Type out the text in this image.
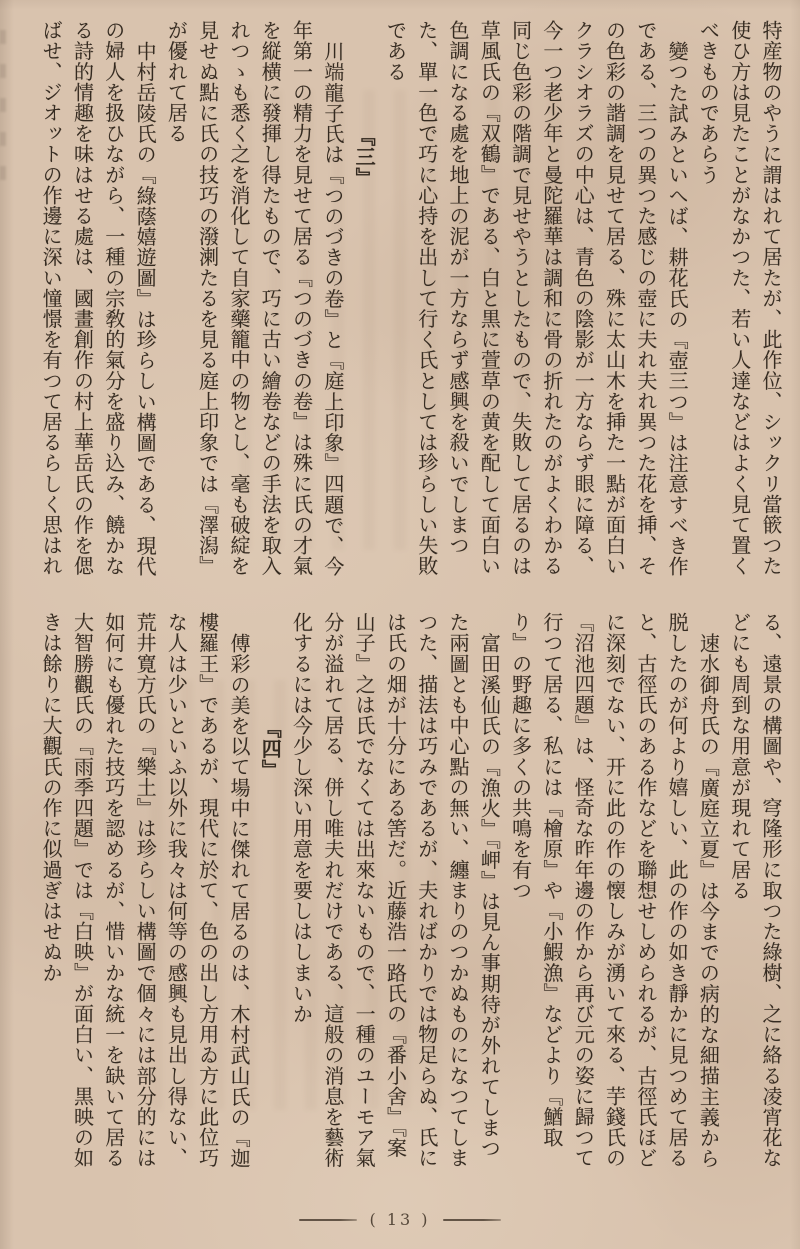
特産物のやうに謂はれて居たが、此作位、シックリ當篏つた使ひ方は見たことがなかつた、若い人達などはよく見て置くべきものであらう

變つた試みといへば、耕花氏の『壺三つ』は注意すべき作である、三つの異つた感じの壺に夫れ夫れ異つた花を挿、その色彩の諧調を見せて居る、殊に太山木を挿た一點が面白いクラシオラズの中心は、青色の陰影が一方ならず眼に障る、今一つ老少年と曼陀羅華は調和に骨の折れたのがよくわかる同じ色彩の階調で見せやうとしたもので、失敗して居るのは草風氏の『双鶴』である、白と黒に萱草の黄を配して面白い色調になる處を地上の泥が一方ならず感興を殺いでしまつた、單一色で巧に心持を出して行く氏としては珍らしい失敗である

『三』

川端龍子氏は『つのづきの卷』と『庭上印象』四題で、今年第一の精力を見せて居る『つのづきの卷』は殊に氏の才氣を縦横に發揮し得たもので、巧に古い繪卷などの手法を取入れつゝも悉く之を消化して自家藥籠中の物とし、毫も破綻を見せぬ點に氏の技巧の潑溂たるを見る庭上印象では『澤潟』が優れて居る

中村岳陵氏の『綠蔭嬉遊圖』は珍らしい構圖である、現代の婦人を扱ひながら、一種の宗敎的氣分を盛り込み、饒かなる詩的情趣を味はせる處は、國畫創作の村上華岳氏の作を偲ばせ、ジオットの作邊に深い憧憬を有つて居るらしく思はれ

る、遠景の構圖や、穹隆形に取つた綠樹、之に絡る凌宵花などにも周到な用意が現れて居る

速水御舟氏の『廣庭立夏』は今までの病的な細描主義から脱したのが何より嬉しい、此の作の如き靜かに見つめて居ると、古徑氏のある作などを聯想せしめられるが、古徑氏ほどに深刻でない、开に此の作の懐しみが湧いて來る、芋錢氏の『沼池四題』は、怪奇な昨年邊の作から再び元の姿に歸つて行つて居る、私には『檜原』や『小鰕漁』などより『鰌取り』の野趣に多くの共鳴を有つ

富田溪仙氏の『漁火』『岬』は見ん事期待が外れてしまつた兩圖とも中心點の無い、纏まりのつかぬものになつてしまつた、描法は巧みであるが、夫ればかりでは物足らぬ、氏には氏の畑が十分にある筈だ。近藤浩一路氏の『番小舍』『案山子』之は氏でなくては出來ないもので、一種のユーモア氣分が溢れて居る、併し唯夫れだけである、這般の消息を藝術化するには今少し深い用意を要しはしまいか

『四』

傅彩の美を以て場中に傑れて居るのは、木村武山氏の『迦樓羅王』であるが、現代に於て、色の出し方用ゐ方に此位巧な人は少いといふ以外に我々は何等の感興も見出し得ない、荒井寛方氏の『樂土』は珍らしい構圖で個々には部分的には如何にも優れた技巧を認めるが、惜いかな統一を缺いて居る大智勝觀氏の『雨季四題』では『白映』が面白い、黒映の如きは餘りに大觀氏の作に似過ぎはせぬか

( 13 )
